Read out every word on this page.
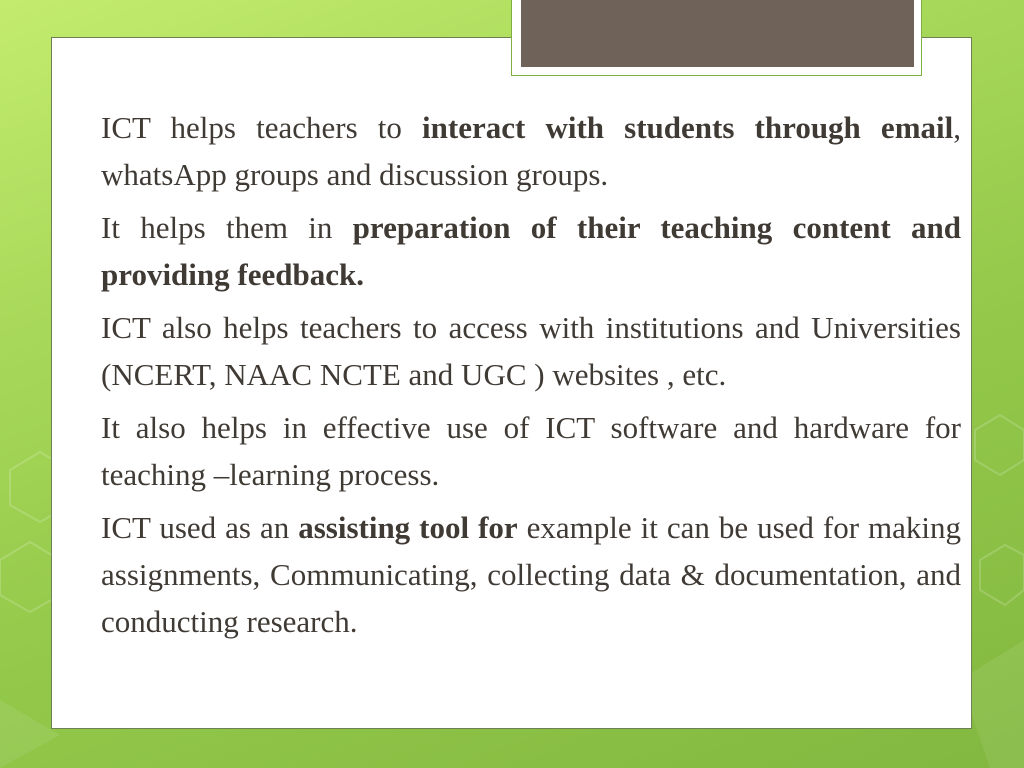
ICT helps teachers to interact with students through email, whatsApp groups and discussion groups.

It helps them in preparation of their teaching content and providing feedback.

ICT also helps teachers to access with institutions and Universities (NCERT, NAAC NCTE and UGC ) websites , etc.

It also helps in effective use of ICT software and hardware for teaching –learning process.

ICT used as an assisting tool for example it can be used for making assignments, Communicating, collecting data & documentation, and conducting research.
